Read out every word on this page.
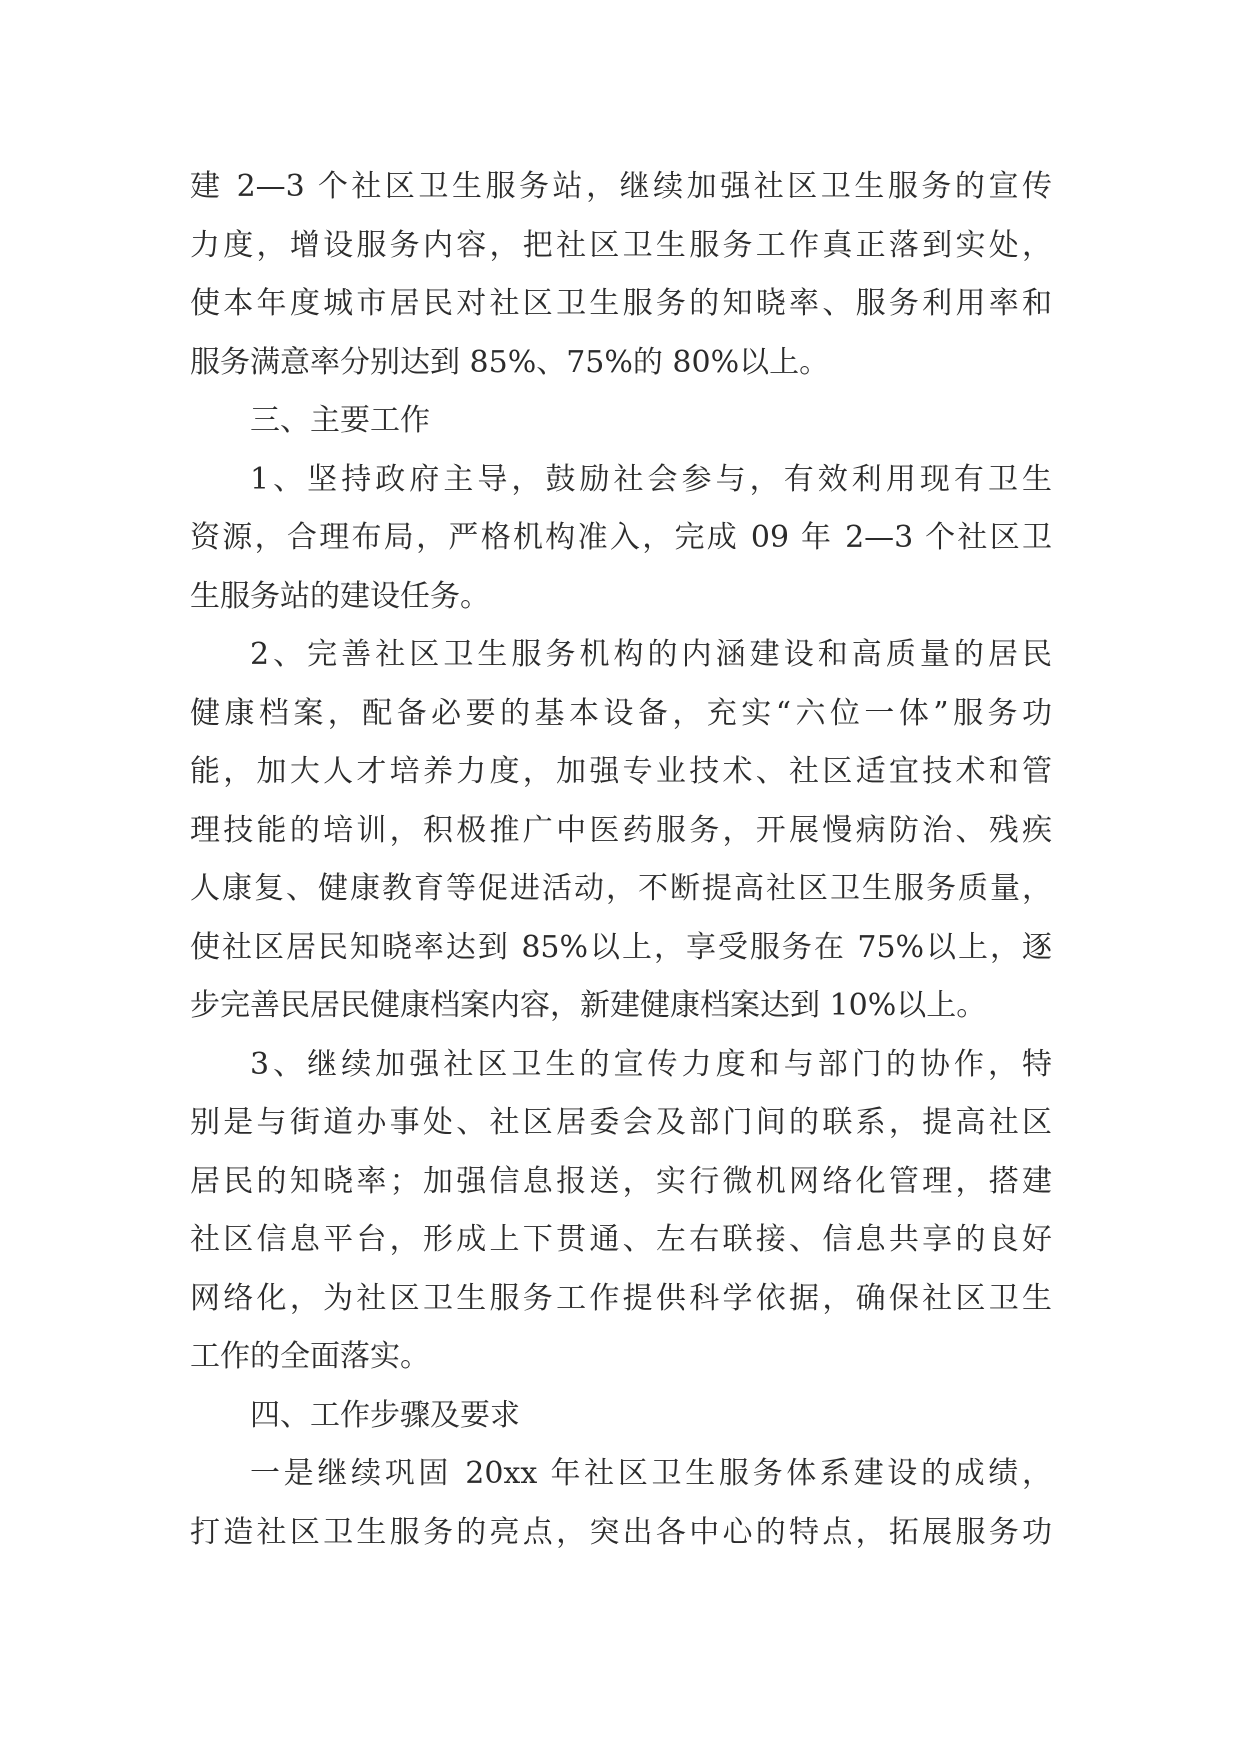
建 2—3 个社区卫生服务站，继续加强社区卫生服务的宣传
力度，增设服务内容，把社区卫生服务工作真正落到实处，
使本年度城市居民对社区卫生服务的知晓率、服务利用率和
服务满意率分别达到 85%、75%的 80%以上。
三、主要工作
1、坚持政府主导，鼓励社会参与，有效利用现有卫生
资源，合理布局，严格机构准入，完成 09 年 2—3 个社区卫
生服务站的建设任务。
2、完善社区卫生服务机构的内涵建设和高质量的居民
健康档案，配备必要的基本设备，充实“六位一体”服务功
能，加大人才培养力度，加强专业技术、社区适宜技术和管
理技能的培训，积极推广中医药服务，开展慢病防治、残疾
人康复、健康教育等促进活动，不断提高社区卫生服务质量，
使社区居民知晓率达到 85%以上，享受服务在 75%以上，逐
步完善民居民健康档案内容，新建健康档案达到 10%以上。
3、继续加强社区卫生的宣传力度和与部门的协作，特
别是与街道办事处、社区居委会及部门间的联系，提高社区
居民的知晓率；加强信息报送，实行微机网络化管理，搭建
社区信息平台，形成上下贯通、左右联接、信息共享的良好
网络化，为社区卫生服务工作提供科学依据，确保社区卫生
工作的全面落实。
四、工作步骤及要求
一是继续巩固 20xx 年社区卫生服务体系建设的成绩，
打造社区卫生服务的亮点，突出各中心的特点，拓展服务功
